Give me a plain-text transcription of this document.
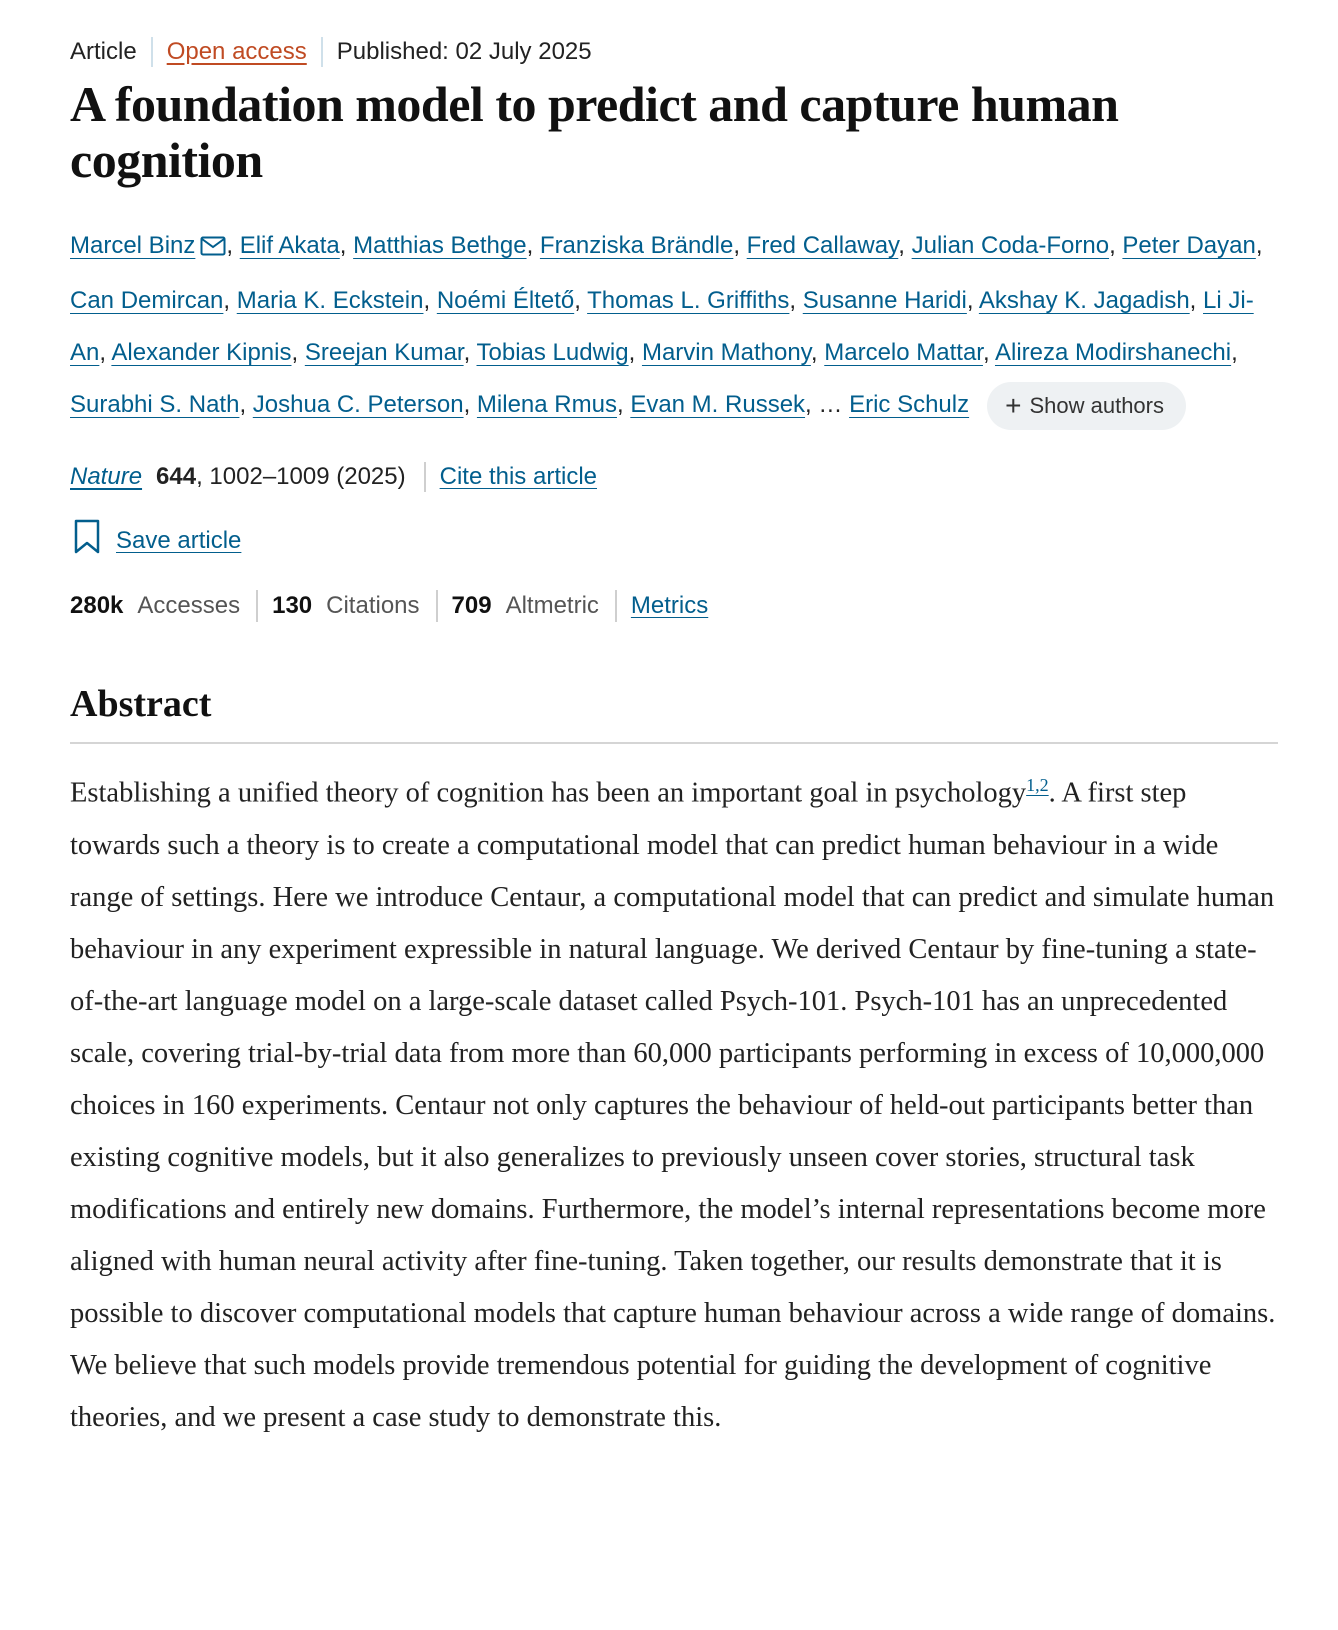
Article Open access Published: 02 July 2025
A foundation model to predict and capture human cognition
Marcel Binz , Elif Akata, Matthias Bethge, Franziska Brändle, Fred Callaway, Julian Coda-Forno, Peter Dayan, Can Demircan, Maria K. Eckstein, Noémi Éltető, Thomas L. Griffiths, Susanne Haridi, Akshay K. Jagadish, Li Ji-An, Alexander Kipnis, Sreejan Kumar, Tobias Ludwig, Marvin Mathony, Marcelo Mattar, Alireza Modirshanechi, Surabhi S. Nath, Joshua C. Peterson, Milena Rmus, Evan M. Russek, … Eric Schulz + Show authors
Nature 644 , 1002–1009 (2025) Cite this article
Save article
280k Accesses 130 Citations 709 Altmetric Metrics
Abstract

Establishing a unified theory of cognition has been an important goal in psychology$^{1,2}$. A first step towards such a theory is to create a computational model that can predict human behaviour in a wide range of settings. Here we introduce Centaur, a computational model that can predict and simulate human behaviour in any experiment expressible in natural language. We derived Centaur by fine-tuning a state-of-the-art language model on a large-scale dataset called Psych-101. Psych-101 has an unprecedented scale, covering trial-by-trial data from more than 60,000 participants performing in excess of 10,000,000 choices in 160 experiments. Centaur not only captures the behaviour of held-out participants better than existing cognitive models, but it also generalizes to previously unseen cover stories, structural task modifications and entirely new domains. Furthermore, the model’s internal representations become more aligned with human neural activity after fine-tuning. Taken together, our results demonstrate that it is possible to discover computational models that capture human behaviour across a wide range of domains. We believe that such models provide tremendous potential for guiding the development of cognitive theories, and we present a case study to demonstrate this.
